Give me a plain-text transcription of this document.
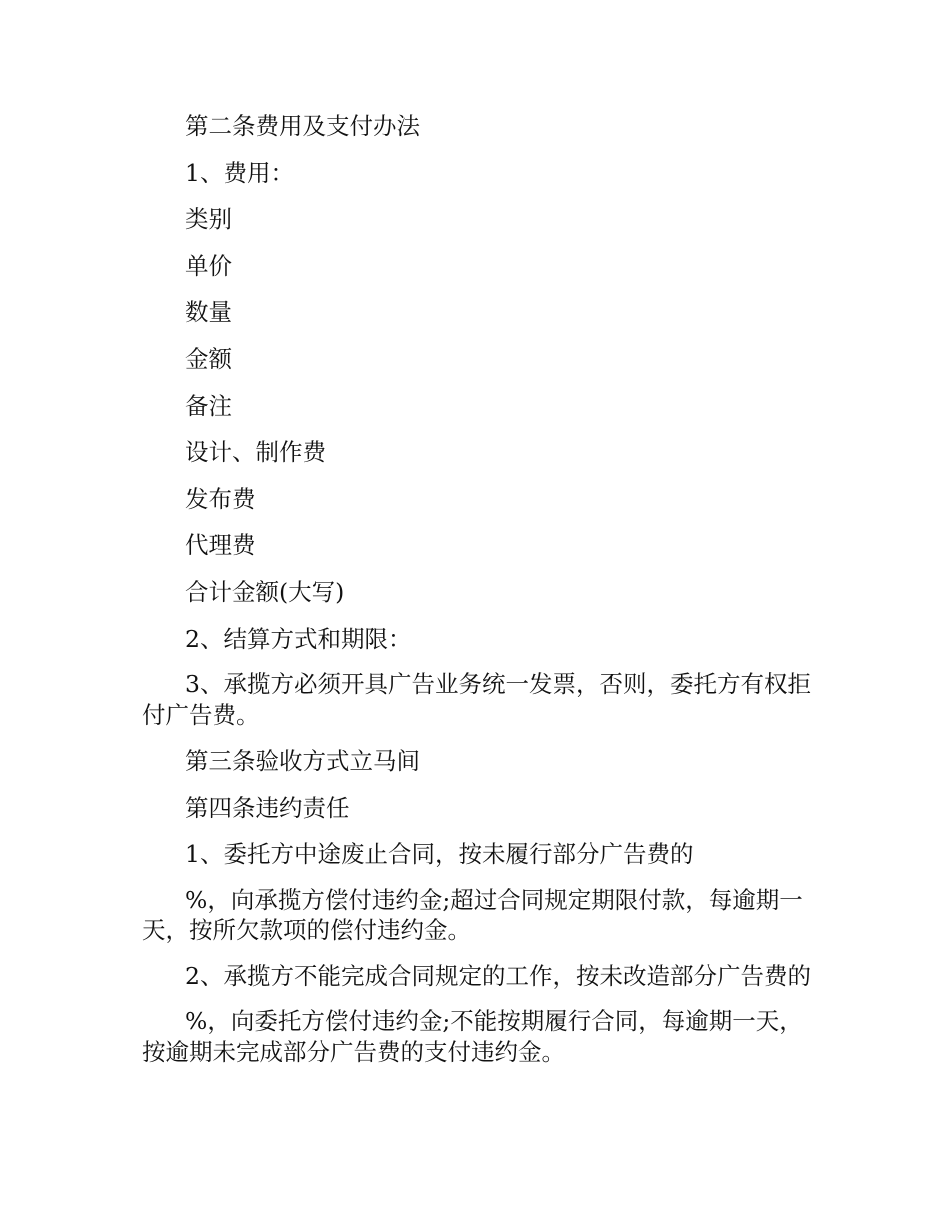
第二条费用及支付办法

1、费用：

类别

单价

数量

金额

备注

设计、制作费

发布费

代理费

合计金额(大写)

2、结算方式和期限：

3、承揽方必须开具广告业务统一发票，否则，委托方有权拒付广告费。

第三条验收方式立马间

第四条违约责任

1、委托方中途废止合同，按未履行部分广告费的

%，向承揽方偿付违约金;超过合同规定期限付款，每逾期一天，按所欠款项的偿付违约金。

2、承揽方不能完成合同规定的工作，按未改造部分广告费的

%，向委托方偿付违约金;不能按期履行合同，每逾期一天，按逾期未完成部分广告费的支付违约金。
